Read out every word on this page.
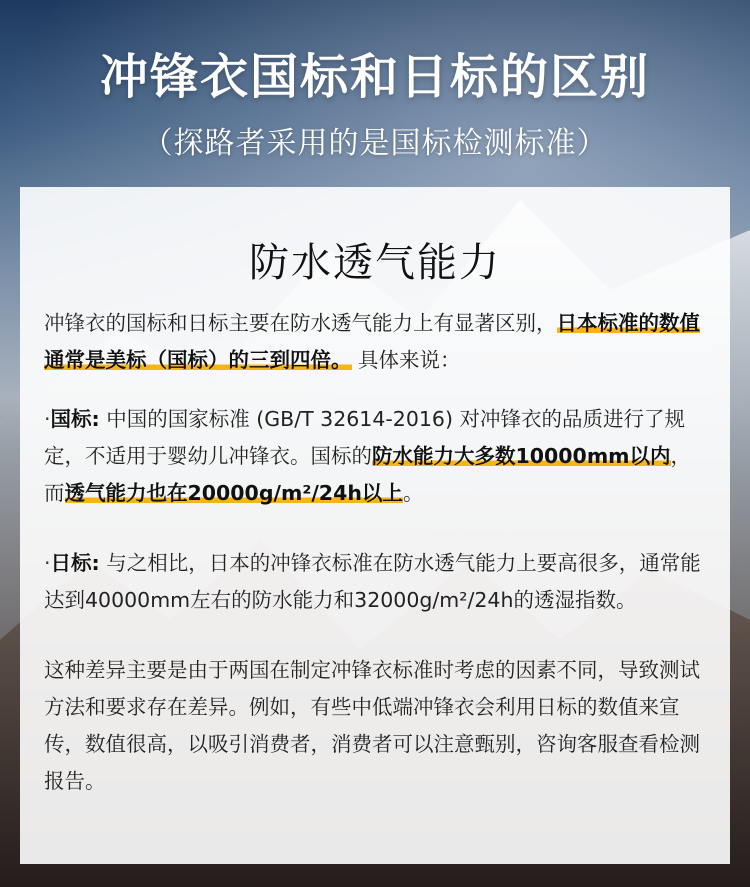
冲锋衣国标和日标的区别
（探路者采用的是国标检测标准）
防水透气能力

冲锋衣的国标和日标主要在防水透气能力上有显著区别，日本标准的数值通常是美标（国标）的三到四倍。 具体来说：

·国标: 中国的国家标准 (GB/T 32614-2016) 对冲锋衣的品质进行了规定，不适用于婴幼儿冲锋衣。国标的防水能力大多数10000mm以内，而透气能力也在20000g/m²/24h以上。

·日标: 与之相比，日本的冲锋衣标准在防水透气能力上要高很多，通常能达到40000mm左右的防水能力和32000g/m²/24h的透湿指数。

这种差异主要是由于两国在制定冲锋衣标准时考虑的因素不同，导致测试方法和要求存在差异。例如，有些中低端冲锋衣会利用日标的数值来宣传，数值很高，以吸引消费者，消费者可以注意甄别，咨询客服查看检测报告。
